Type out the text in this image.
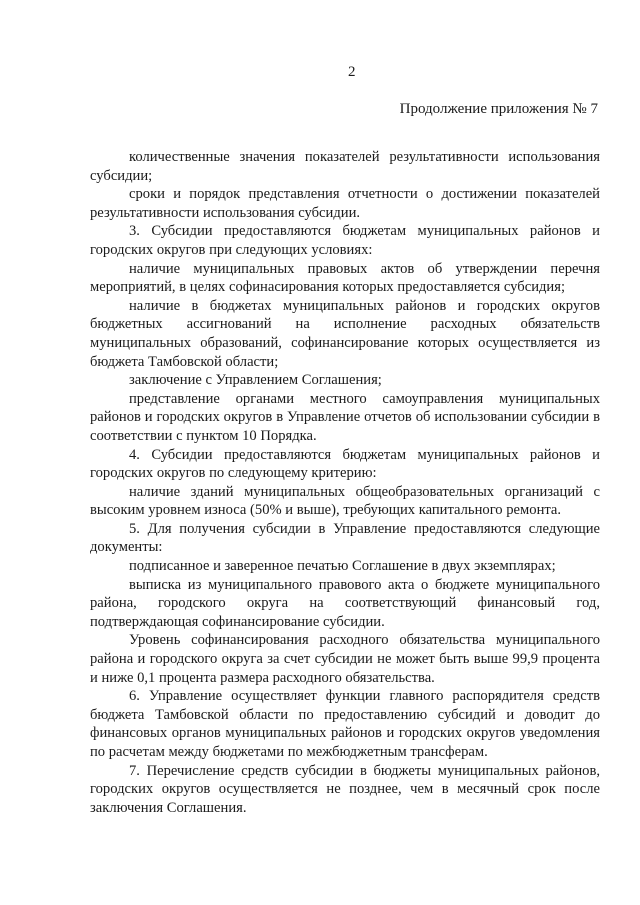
2
Продолжение приложения № 7

количественные значения показателей результативности использования субсидии;

сроки и порядок представления отчетности о достижении показателей результативности использования субсидии.

3. Субсидии предоставляются бюджетам муниципальных районов и городских округов при следующих условиях:

наличие муниципальных правовых актов об утверждении перечня мероприятий, в целях софинасирования которых предоставляется субсидия;

наличие в бюджетах муниципальных районов и городских округов бюджетных ассигнований на исполнение расходных обязательств муниципальных образований, софинансирование которых осуществляется из бюджета Тамбовской области;

заключение с Управлением Соглашения;

представление органами местного самоуправления муниципальных районов и городских округов в Управление отчетов об использовании субсидии в соответствии с пунктом 10 Порядка.

4. Субсидии предоставляются бюджетам муниципальных районов и городских округов по следующему критерию:

наличие зданий муниципальных общеобразовательных организаций с высоким уровнем износа (50% и выше), требующих капитального ремонта.

5. Для получения субсидии в Управление предоставляются следующие документы:

подписанное и заверенное печатью Соглашение в двух экземплярах;

выписка из муниципального правового акта о бюджете муниципального района, городского округа на соответствующий финансовый год, подтверждающая софинансирование субсидии.

Уровень софинансирования расходного обязательства муниципального района и городского округа за счет субсидии не может быть выше 99,9 процента и ниже 0,1 процента размера расходного обязательства.

6. Управление осуществляет функции главного распорядителя средств бюджета Тамбовской области по предоставлению субсидий и доводит до финансовых органов муниципальных районов и городских округов уведомления по расчетам между бюджетами по межбюджетным трансферам.

7. Перечисление средств субсидии в бюджеты муниципальных районов, городских округов осуществляется не позднее, чем в месячный срок после заключения Соглашения.
